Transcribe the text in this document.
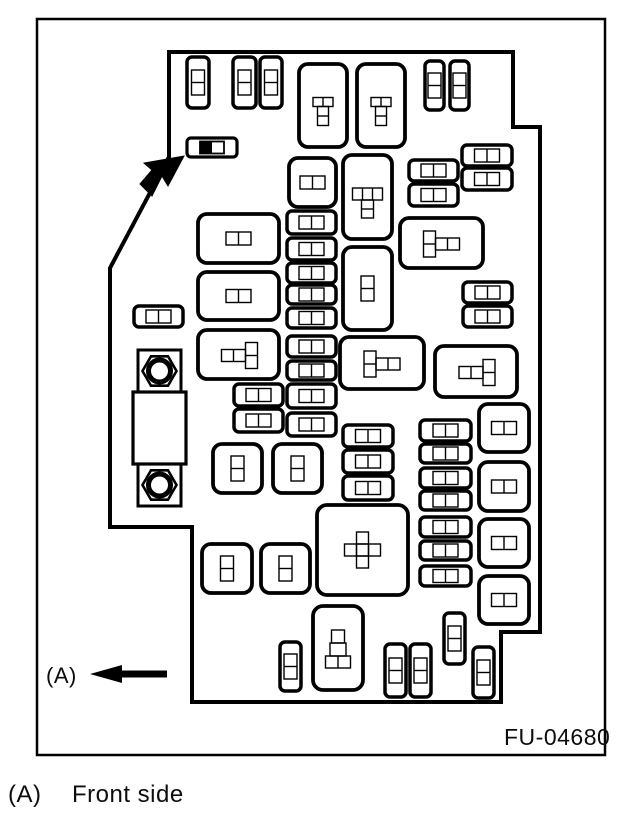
(A)
FU-04680
(A) Front side
